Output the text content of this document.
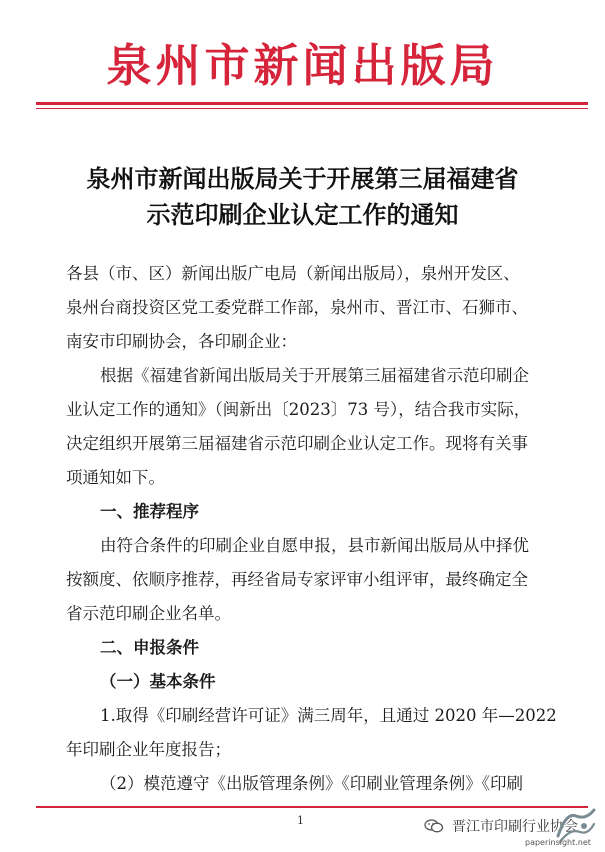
泉州市新闻出版局
泉州市新闻出版局关于开展第三届福建省
示范印刷企业认定工作的通知
各县（市、区）新闻出版广电局（新闻出版局），泉州开发区、
泉州台商投资区党工委党群工作部，泉州市、晋江市、石狮市、
南安市印刷协会，各印刷企业：
根据《福建省新闻出版局关于开展第三届福建省示范印刷企
业认定工作的通知》（闽新出〔2023〕73 号），结合我市实际，
决定组织开展第三届福建省示范印刷企业认定工作。现将有关事
项通知如下。
一、推荐程序
由符合条件的印刷企业自愿申报，县市新闻出版局从中择优
按额度、依顺序推荐，再经省局专家评审小组评审，最终确定全
省示范印刷企业名单。
二、申报条件
（一）基本条件
1.取得《印刷经营许可证》满三周年，且通过 2020 年—2022
年印刷企业年度报告；
（2）模范遵守《出版管理条例》《印刷业管理条例》《印刷
1	晋江市印刷行业协会
paperinsight.net
